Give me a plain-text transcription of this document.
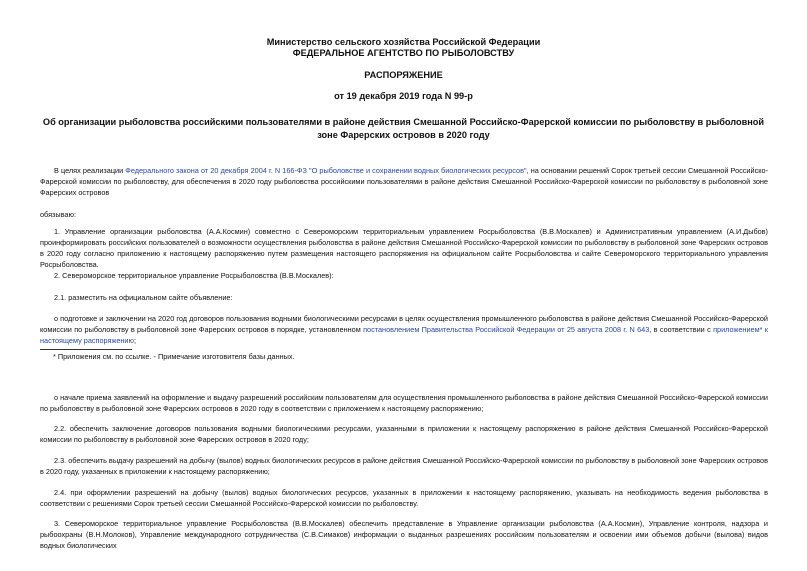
Министерство сельского хозяйства Российской Федерации
ФЕДЕРАЛЬНОЕ АГЕНТСТВО ПО РЫБОЛОВСТВУ
РАСПОРЯЖЕНИЕ
от 19 декабря 2019 года N 99-р
Об организации рыболовства российскими пользователями в районе действия Смешанной Российско-Фарерской комиссии по рыболовству в рыболовной зоне Фарерских островов в 2020 году

В целях реализации Федерального закона от 20 декабря 2004 г. N 166-ФЗ "О рыболовстве и сохранении водных биологических ресурсов", на основании решений Сорок третьей сессии Смешанной Российско-Фарерской комиссии по рыболовству, для обеспечения в 2020 году рыболовства российскими пользователями в районе действия Смешанной Российско-Фарерской комиссии по рыболовству в рыболовной зоне Фарерских островов

обязываю:

1. Управление организации рыболовства (А.А.Космин) совместно с Североморским территориальным управлением Росрыболовства (В.В.Москалев) и Административным управлением (А.И.Дыбов) проинформировать российских пользователей о возможности осуществления рыболовства в районе действия Смешанной Российско-Фарерской комиссии по рыболовству в рыболовной зоне Фарерских островов в 2020 году согласно приложению к настоящему распоряжению путем размещения настоящего распоряжения на официальном сайте Росрыболовства и сайте Североморского территориального управления Росрыболовства.

2. Североморское территориальное управление Росрыболовства (В.В.Москалев):

2.1. разместить на официальном сайте объявление:

о подготовке и заключении на 2020 год договоров пользования водными биологическими ресурсами в целях осуществления промышленного рыболовства в районе действия Смешанной Российско-Фарерской комиссии по рыболовству в рыболовной зоне Фарерских островов в порядке, установленном постановлением Правительства Российской Федерации от 25 августа 2008 г. N 643, в соответствии с приложением* к настоящему распоряжению;

* Приложения см. по ссылке. - Примечание изготовителя базы данных.

о начале приема заявлений на оформление и выдачу разрешений российским пользователям для осуществления промышленного рыболовства в районе действия Смешанной Российско-Фарерской комиссии по рыболовству в рыболовной зоне Фарерских островов в 2020 году в соответствии с приложением к настоящему распоряжению;

2.2. обеспечить заключение договоров пользования водными биологическими ресурсами, указанными в приложении к настоящему распоряжению в районе действия Смешанной Российско-Фарерской комиссии по рыболовству в рыболовной зоне Фарерских островов в 2020 году;

2.3. обеспечить выдачу разрешений на добычу (вылов) водных биологических ресурсов в районе действия Смешанной Российско-Фарерской комиссии по рыболовству в рыболовной зоне Фарерских островов в 2020 году, указанных в приложении к настоящему распоряжению;

2.4. при оформлении разрешений на добычу (вылов) водных биологических ресурсов, указанных в приложении к настоящему распоряжению, указывать на необходимость ведения рыболовства в соответствии с решениями Сорок третьей сессии Смешанной Российско-Фарерской комиссии по рыболовству.

3. Североморское территориальное управление Росрыболовства (В.В.Москалев) обеспечить представление в Управление организации рыболовства (А.А.Космин), Управление контроля, надзора и рыбоохраны (В.Н.Молоков), Управление международного сотрудничества (С.В.Симаков) информации о выданных разрешениях российским пользователям и освоении ими объемов добычи (вылова) видов водных биологических
